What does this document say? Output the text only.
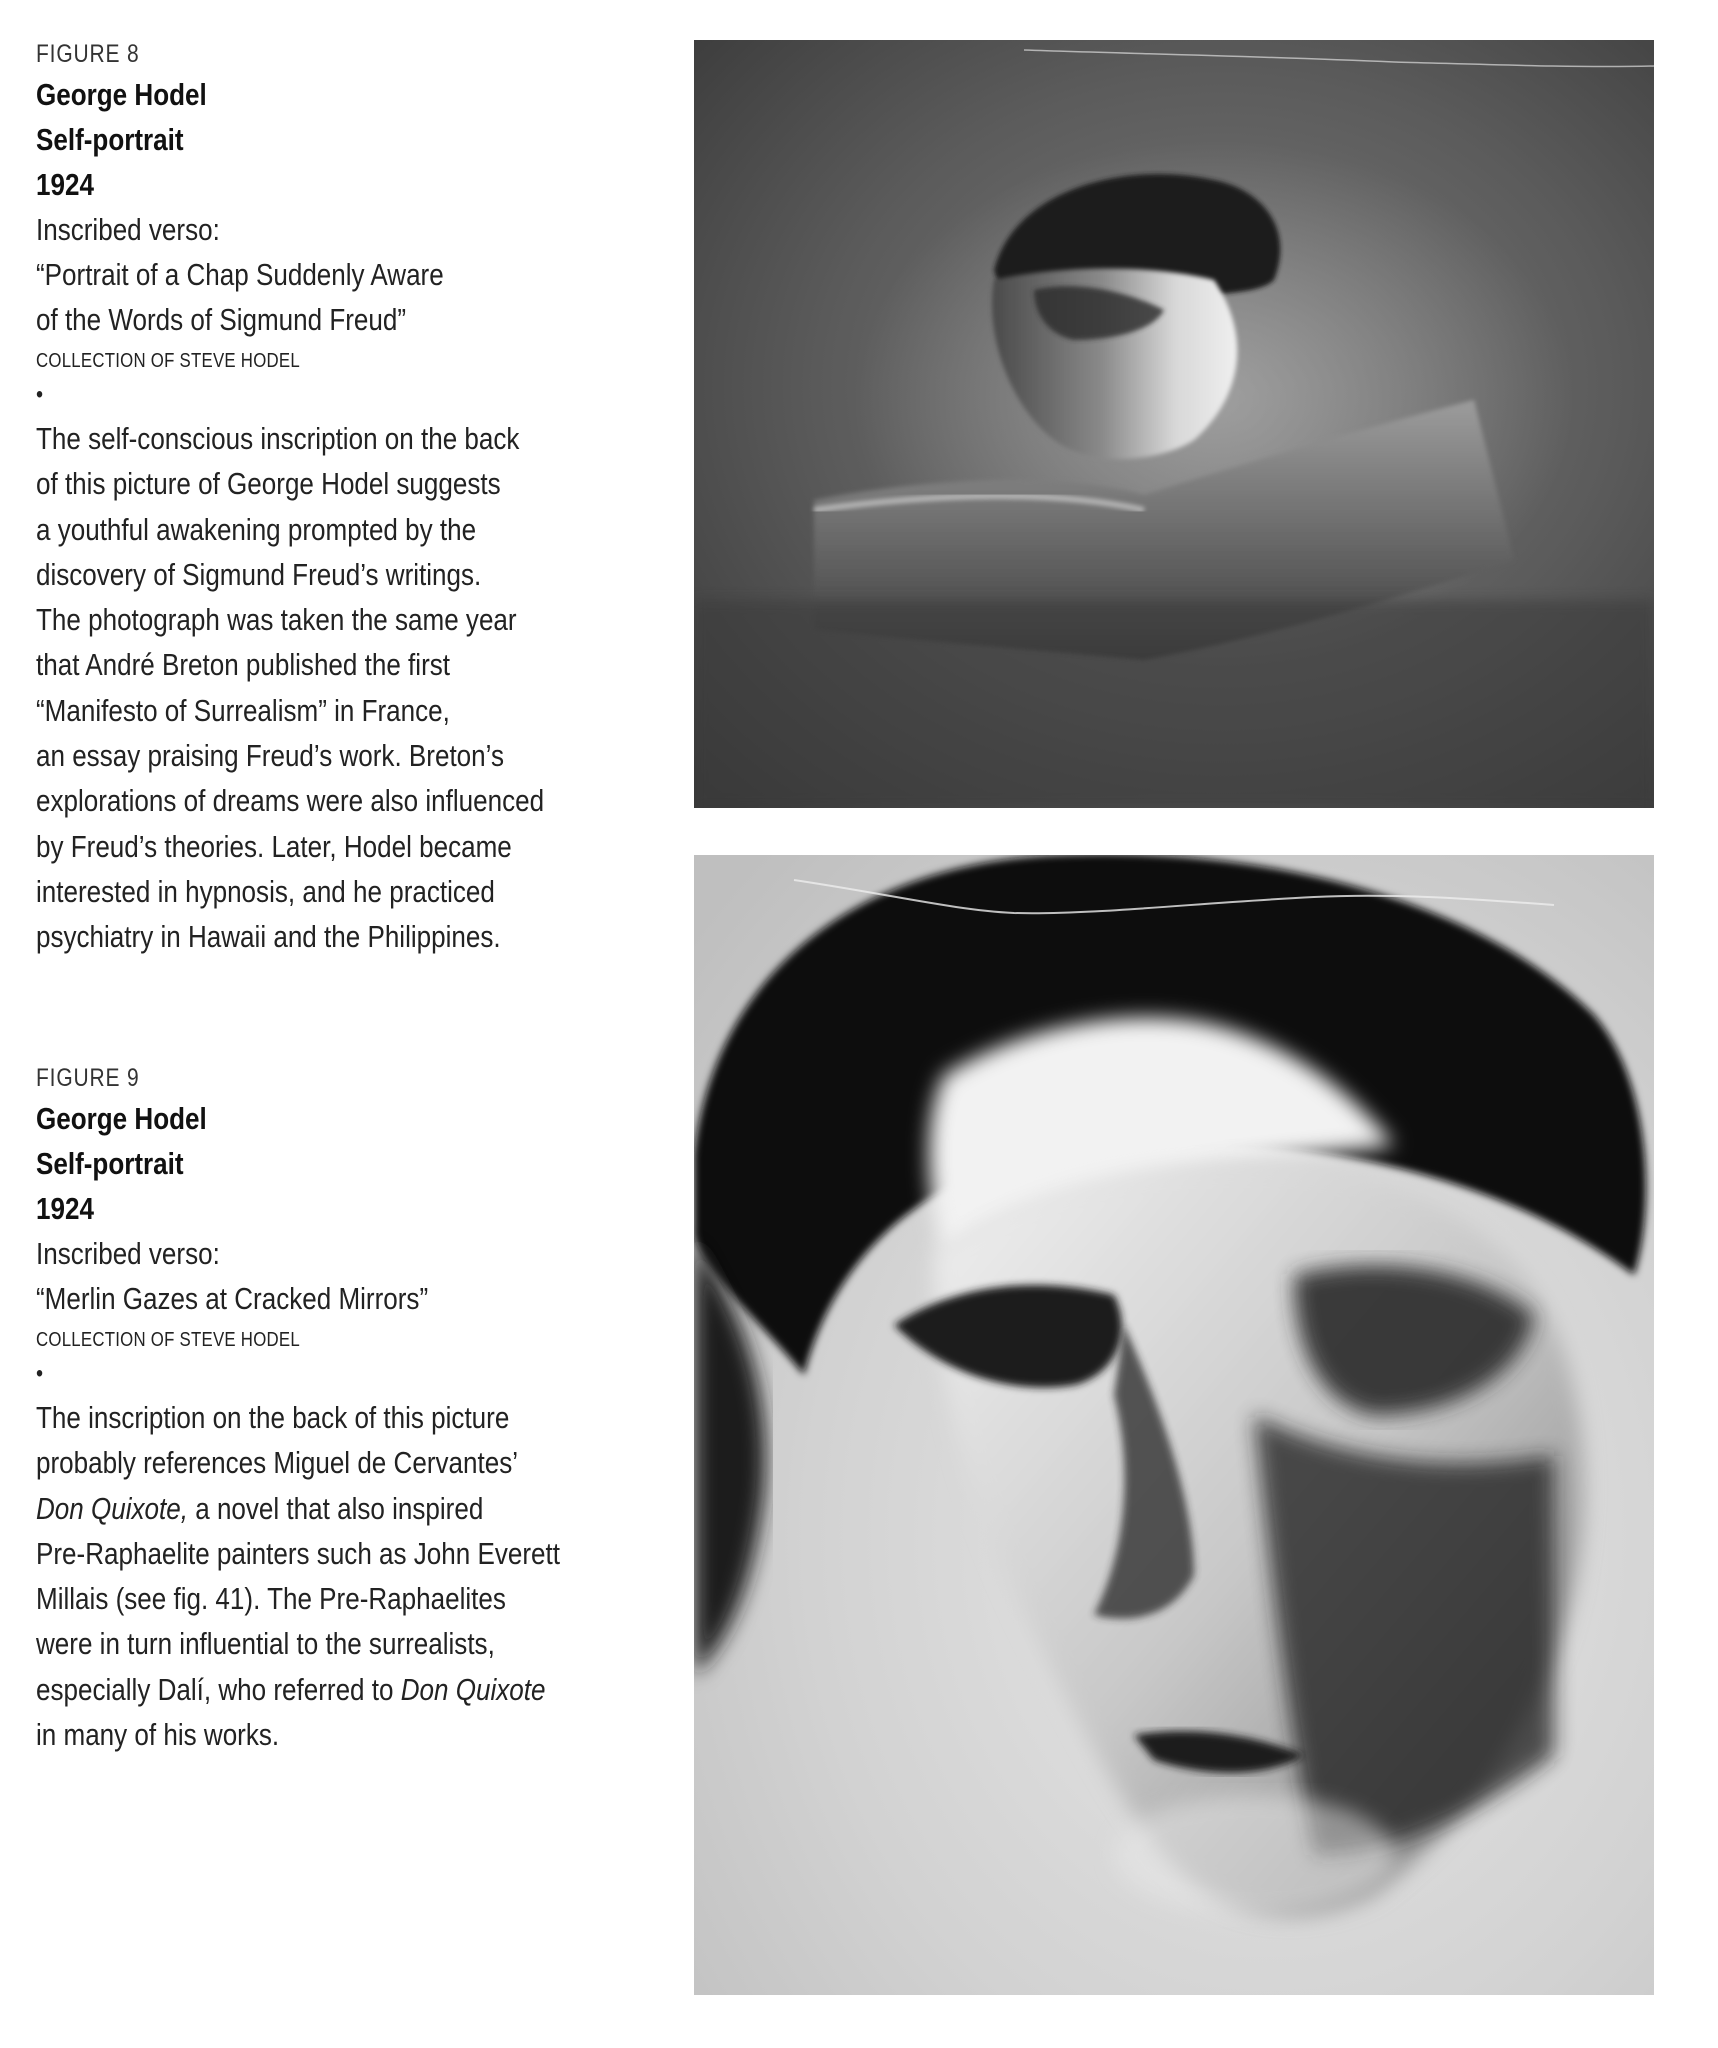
FIGURE 8
George Hodel
Self-portrait
1924
Inscribed verso:
“Portrait of a Chap Suddenly Aware
of the Words of Sigmund Freud”
COLLECTION OF STEVE HODEL
•
The self-conscious inscription on the back
of this picture of George Hodel suggests
a youthful awakening prompted by the
discovery of Sigmund Freud’s writings.
The photograph was taken the same year
that André Breton published the first
“Manifesto of Surrealism” in France,
an essay praising Freud’s work. Breton’s
explorations of dreams were also influenced
by Freud’s theories. Later, Hodel became
interested in hypnosis, and he practiced
psychiatry in Hawaii and the Philippines.
FIGURE 9
George Hodel
Self-portrait
1924
Inscribed verso:
“Merlin Gazes at Cracked Mirrors”
COLLECTION OF STEVE HODEL
•
The inscription on the back of this picture
probably references Miguel de Cervantes’
Don Quixote, a novel that also inspired
Pre-Raphaelite painters such as John Everett
Millais (see fig. 41). The Pre-Raphaelites
were in turn influential to the surrealists,
especially Dalí, who referred to Don Quixote
in many of his works.
